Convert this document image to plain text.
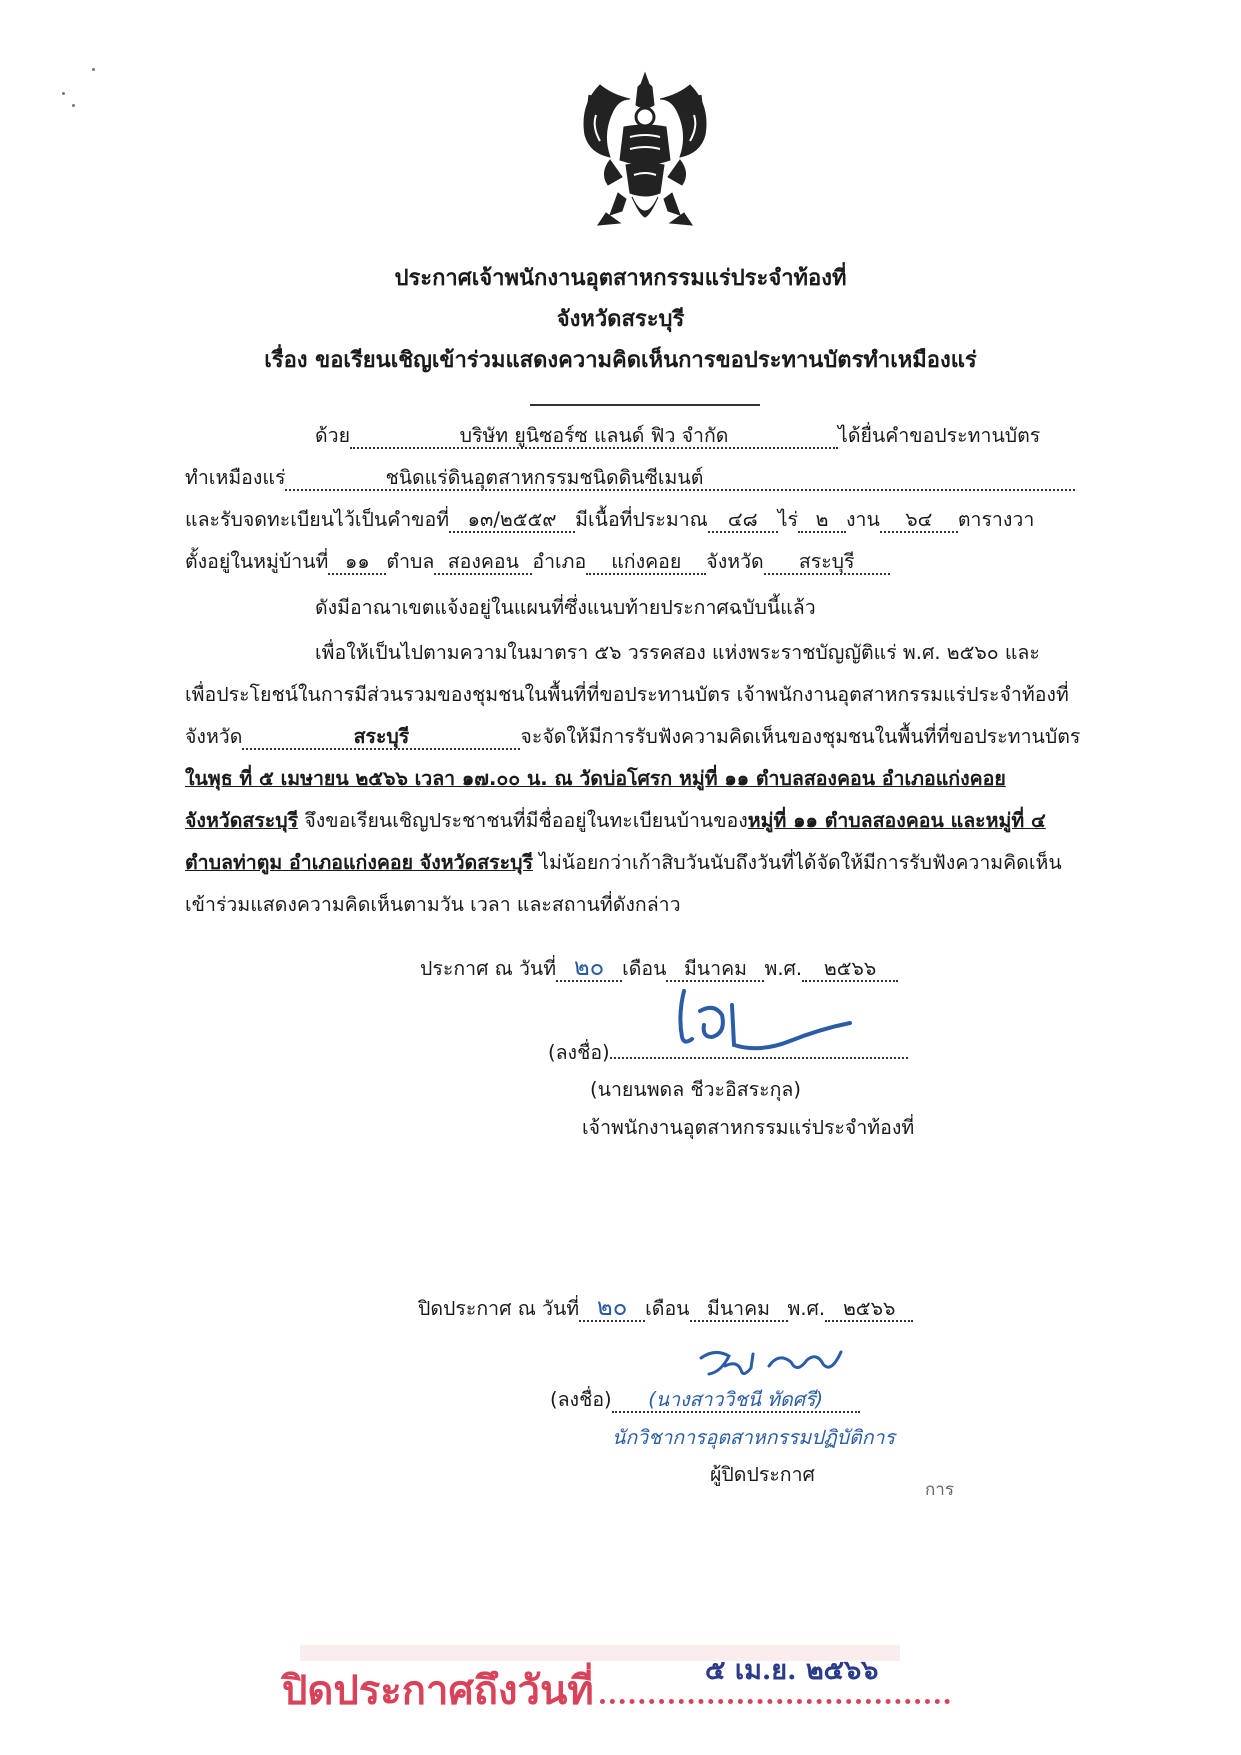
ประกาศเจ้าพนักงานอุตสาหกรรมแร่ประจำท้องที่
จังหวัดสระบุรี
เรื่อง ขอเรียนเชิญเข้าร่วมแสดงความคิดเห็นการขอประทานบัตรทำเหมืองแร่
ด้วย	บริษัท ยูนิซอร์ซ แลนด์ ฟิว จำกัด	ได้ยื่นคำขอประทานบัตร
ทำเหมืองแร่	ชนิดแร่ดินอุตสาหกรรมชนิดดินซีเมนต์
และรับจดทะเบียนไว้เป็นคำขอที่ ๑๓/๒๕๕๙ มีเนื้อที่ประมาณ ๔๘ ไร่ ๒ งาน ๖๔ ตารางวา
ตั้งอยู่ในหมู่บ้านที่ ๑๑ ตำบล สองคอน อำเภอ แก่งคอย จังหวัด สระบุรี
ดังมีอาณาเขตแจ้งอยู่ในแผนที่ซึ่งแนบท้ายประกาศฉบับนี้แล้ว
เพื่อให้เป็นไปตามความในมาตรา ๕๖ วรรคสอง แห่งพระราชบัญญัติแร่ พ.ศ. ๒๕๖๐ และ
เพื่อประโยชน์ในการมีส่วนรวมของชุมชนในพื้นที่ที่ขอประทานบัตร เจ้าพนักงานอุตสาหกรรมแร่ประจำท้องที่
จังหวัด	สระบุรี	จะจัดให้มีการรับฟังความคิดเห็นของชุมชนในพื้นที่ที่ขอประทานบัตร
ในพุธ ที่ ๕ เมษายน ๒๕๖๖ เวลา ๑๗.๐๐ น. ณ วัดบ่อโศรก หมู่ที่ ๑๑ ตำบลสองคอน อำเภอแก่งคอย
จังหวัดสระบุรี จึงขอเรียนเชิญประชาชนที่มีชื่ออยู่ในทะเบียนบ้านของหมู่ที่ ๑๑ ตำบลสองคอน และหมู่ที่ ๔
ตำบลท่าตูม อำเภอแก่งคอย จังหวัดสระบุรี ไม่น้อยกว่าเก้าสิบวันนับถึงวันที่ได้จัดให้มีการรับฟังความคิดเห็น
เข้าร่วมแสดงความคิดเห็นตามวัน เวลา และสถานที่ดังกล่าว
ประกาศ ณ วันที่ ๒๐ เดือน มีนาคม พ.ศ. ๒๕๖๖
(ลงชื่อ)
(นายนพดล ชีวะอิสระกุล)
เจ้าพนักงานอุตสาหกรรมแร่ประจำท้องที่
ปิดประกาศ ณ วันที่ ๒๐ เดือน มีนาคม พ.ศ. ๒๕๖๖
(ลงชื่อ) (นางสาววิชนี ทัดศรี)
นักวิชาการอุตสาหกรรมปฏิบัติการ
ผู้ปิดประกาศ
การ
ปิดประกาศถึงวันที่	๕ เม.ย. ๒๕๖๖
